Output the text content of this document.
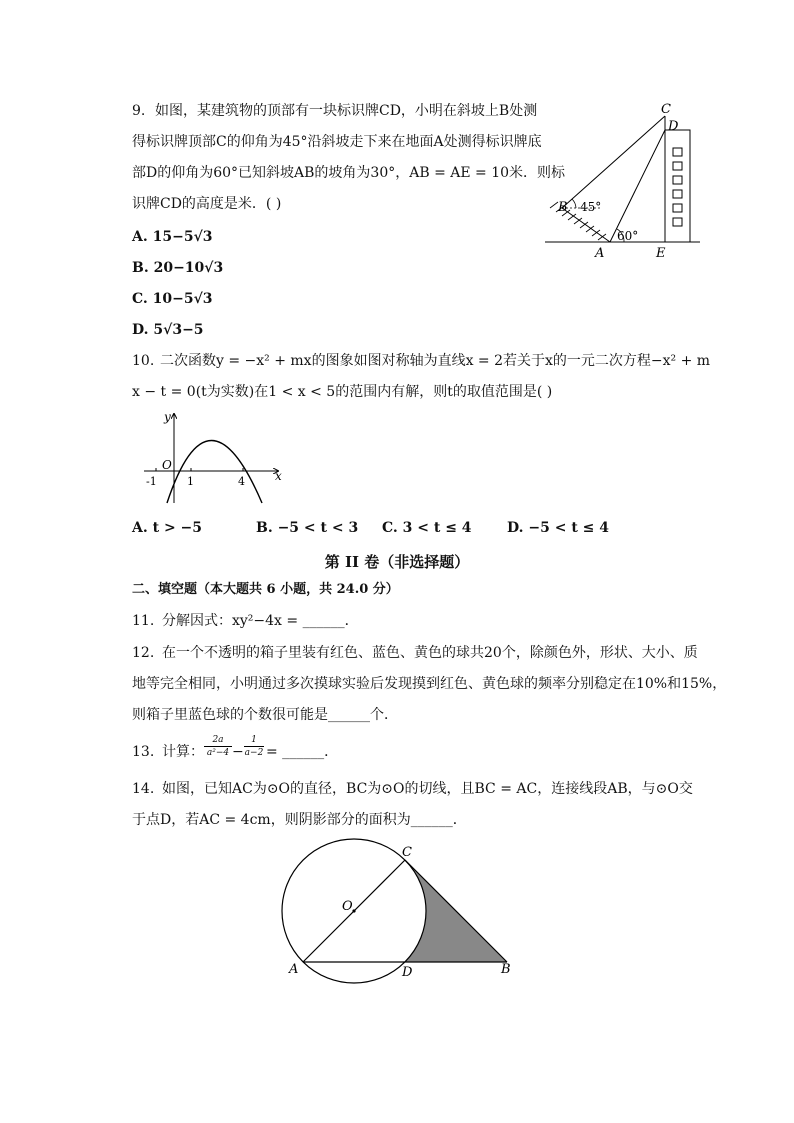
9. 如图，某建筑物的顶部有一块标识牌CD，小明在斜坡上B处测
得标识牌顶部C的仰角为45°沿斜坡走下来在地面A处测得标识牌底
部D的仰角为60°已知斜坡AB的坡角为30°，AB = AE = 10米．则标
识牌CD的高度是米．( )
A. 15−5√3
B. 20−10√3
C. 10−5√3
D. 5√3−5
C
D
B
A	E
45°
60°
10. 二次函数y = −x² + mx的图象如图对称轴为直线x = 2若关于x的一元二次方程−x² + m
x − t = 0(t为实数)在1 < x < 5的范围内有解，则t的取值范围是( )
y
x
O
-1	1	4
A. t > −5	B. −5 < t < 3 C. 3 < t ≤ 4	D. −5 < t ≤ 4
第 II 卷（非选择题）
二、填空题（本大题共 6 小题，共 24.0 分）
11. 分解因式：xy²−4x = ______．
12. 在一个不透明的箱子里装有红色、蓝色、黄色的球共20个，除颜色外，形状、大小、质
地等完全相同，小明通过多次摸球实验后发现摸到红色、黄色球的频率分别稳定在10%和15%，
则箱子里蓝色球的个数很可能是______个．
13. 计算： $\frac{2a}{\text{a²−4}} - \frac{1}{a-2}$ = ______．
14. 如图，已知AC为⊙O的直径，BC为⊙O的切线，且BC = AC，连接线段AB，与⊙O交
于点D，若AC = 4cm，则阴影部分的面积为______．
C
O
A	D	B
